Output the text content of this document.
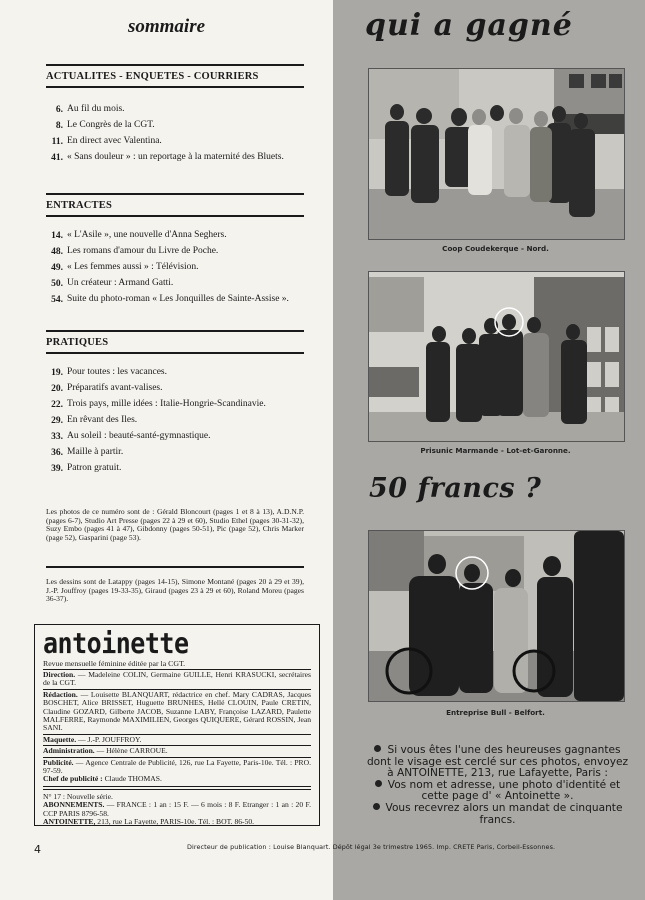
sommaire
ACTUALITES - ENQUETES - COURRIERS
6. Au fil du mois.
8. Le Congrès de la CGT.
11. En direct avec Valentina.
41. « Sans douleur » : un reportage à la maternité des Bluets.
ENTRACTES
14. « L'Asile », une nouvelle d'Anna Seghers.
48. Les romans d'amour du Livre de Poche.
49. « Les femmes aussi » : Télévision.
50. Un créateur : Armand Gatti.
54. Suite du photo-roman « Les Jonquilles de Sainte-Assise ».
PRATIQUES
19. Pour toutes : les vacances.
20. Préparatifs avant-valises.
22. Trois pays, mille idées : Italie-Hongrie-Scandinavie.
29. En rêvant des Iles.
33. Au soleil : beauté-santé-gymnastique.
36. Maille à partir.
39. Patron gratuit.
Les photos de ce numéro sont de : Gérald Bloncourt (pages 1 et 8 à 13), A.D.N.P. (pages 6-7), Studio Art Presse (pages 22 à 29 et 60), Studio Ethel (pages 30-31-32), Suzy Embo (pages 41 à 47), Gibdonny (pages 50-51), Pic (page 52), Chris Marker (page 52), Gasparini (page 53).
Les dessins sont de Latappy (pages 14-15), Simone Montané (pages 20 à 29 et 39), J.-P. Jouffroy (pages 19-33-35), Giraud (pages 23 à 29 et 60), Roland Moreu (pages 36-37).
antoinette
Revue mensuelle féminine éditée par la CGT.
Direction. — Madeleine COLIN, Germaine GUILLE, Henri KRASUCKI, secrétaires de la CGT.
Rédaction. — Louisette BLANQUART, rédactrice en chef. Mary CADRAS, Jacques BOSCHET, Alice BRISSET, Huguette BRUNHES, Hellé CLOUIN, Paule CRETIN, Claudine GOZARD, Gilberte JACOB, Suzanne LABY, Françoise LAZARD, Paulette MALFERRE, Raymonde MAXIMILIEN, Georges QUIQUERE, Gérard ROSSIN, Jean SANI.
Maquette. — J.-P. JOUFFROY.
Administration. — Hélène CARROUE.
Publicité. — Agence Centrale de Publicité, 126, rue La Fayette, Paris-10e. Tél. : PRO. 97-59.
Chef de publicité : Claude THOMAS.
N° 17 : Nouvelle série.
ABONNEMENTS. — FRANCE : 1 an : 15 F. — 6 mois : 8 F. Etranger : 1 an : 20 F. CCP PARIS 8796-58.
ANTOINETTE, 213, rue La Fayette, PARIS-10e. Tél. : BOT. 86-50.
4	Directeur de publication : Louise Blanquart. Dépôt légal 3e trimestre 1965. Imp. CRETE Paris, Corbeil-Essonnes.
qui a gagné
Coop Coudekerque - Nord.
Prisunic Marmande - Lot-et-Garonne.
50 francs ?
Entreprise Bull - Belfort.
Si vous êtes l'une des heureuses gagnantes dont le visage est cerclé sur ces photos, envoyez à ANTOINETTE, 213, rue Lafayette, Paris :
Vos nom et adresse, une photo d'identité et cette page d' « Antoinette ».
Vous recevrez alors un mandat de cinquante francs.
